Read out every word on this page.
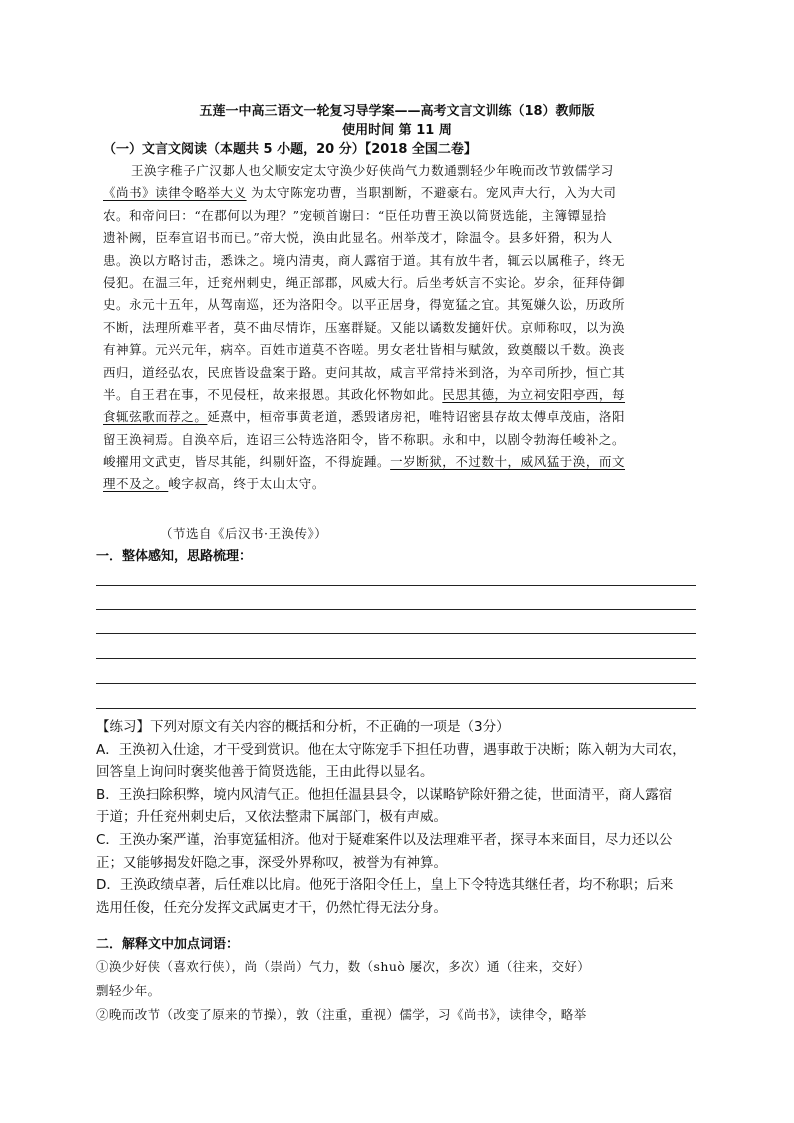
五莲一中高三语文一轮复习导学案——高考文言文训练（18）教师版
使用时间 第 11 周
（一）文言文阅读（本题共 5 小题，20 分）【2018 全国二卷】
王涣字稚子广汉郪人也父顺安定太守涣少好侠尚气力数通剽轻少年晚而改节敦儒学习
《尚书》读律令略举大义 为太守陈宠功曹，当职割断，不避豪右。宠风声大行，入为大司
农。和帝问曰：“在郡何以为理？”宠顿首谢曰：“臣任功曹王涣以简贤选能，主簿镡显拾
遗补阙，臣奉宣诏书而已。”帝大悦，涣由此显名。州举茂才，除温令。县多奸猾，积为人
患。涣以方略讨击，悉诛之。境内清夷，商人露宿于道。其有放牛者，辄云以属稚子，终无
侵犯。在温三年，迁兖州刺史，绳正部郡，风威大行。后坐考妖言不实论。岁余，征拜侍御
史。永元十五年，从驾南巡，还为洛阳令。以平正居身，得宽猛之宜。其冤嫌久讼，历政所
不断，法理所难平者，莫不曲尽情诈，压塞群疑。又能以谲数发擿奸伏。京师称叹，以为涣
有神算。元兴元年，病卒。百姓市道莫不咨嗟。男女老壮皆相与赋敛，致奠醊以千数。涣丧
西归，道经弘农，民庶皆设盘案于路。吏问其故，咸言平常持米到洛，为卒司所抄，恒亡其
半。自王君在事，不见侵枉，故来报恩。其政化怀物如此。民思其德，为立祠安阳亭西，每
食辄弦歌而荐之。延熹中，桓帝事黄老道，悉毁诸房祀，唯特诏密县存故太傅卓茂庙，洛阳
留王涣祠焉。自涣卒后，连诏三公特选洛阳令，皆不称职。永和中，以剧令勃海任峻补之。
峻擢用文武吏，皆尽其能，纠剔奸盗，不得旋踵。一岁断狱，不过数十，威风猛于涣，而文
理不及之。峻字叔高，终于太山太守。
（节选自《后汉书·王涣传》）
一．整体感知，思路梳理：
【练习】下列对原文有关内容的概括和分析，不正确的一项是（3分）
A．王涣初入仕途，才干受到赏识。他在太守陈宠手下担任功曹，遇事敢于决断；陈入朝为大司农，
回答皇上询问时褒奖他善于简贤选能，王由此得以显名。
B．王涣扫除积弊，境内风清气正。他担任温县县令，以谋略铲除奸猾之徒，世面清平，商人露宿
于道；升任兖州刺史后，又依法整肃下属部门，极有声威。
C．王涣办案严谨，治事宽猛相济。他对于疑难案件以及法理难平者，探寻本来面目，尽力还以公
正；又能够揭发奸隐之事，深受外界称叹，被誉为有神算。
D．王涣政绩卓著，后任难以比肩。他死于洛阳令任上，皇上下令特选其继任者，均不称职；后来
选用任俊，任充分发挥文武属吏才干，仍然忙得无法分身。
二．解释文中加点词语：
①涣少好侠（喜欢行侠），尚（崇尚）气力，数（shuò 屡次，多次）通（往来，交好）
剽轻少年。
②晚而改节（改变了原来的节操），敦（注重，重视）儒学，习《尚书》，读律令，略举
